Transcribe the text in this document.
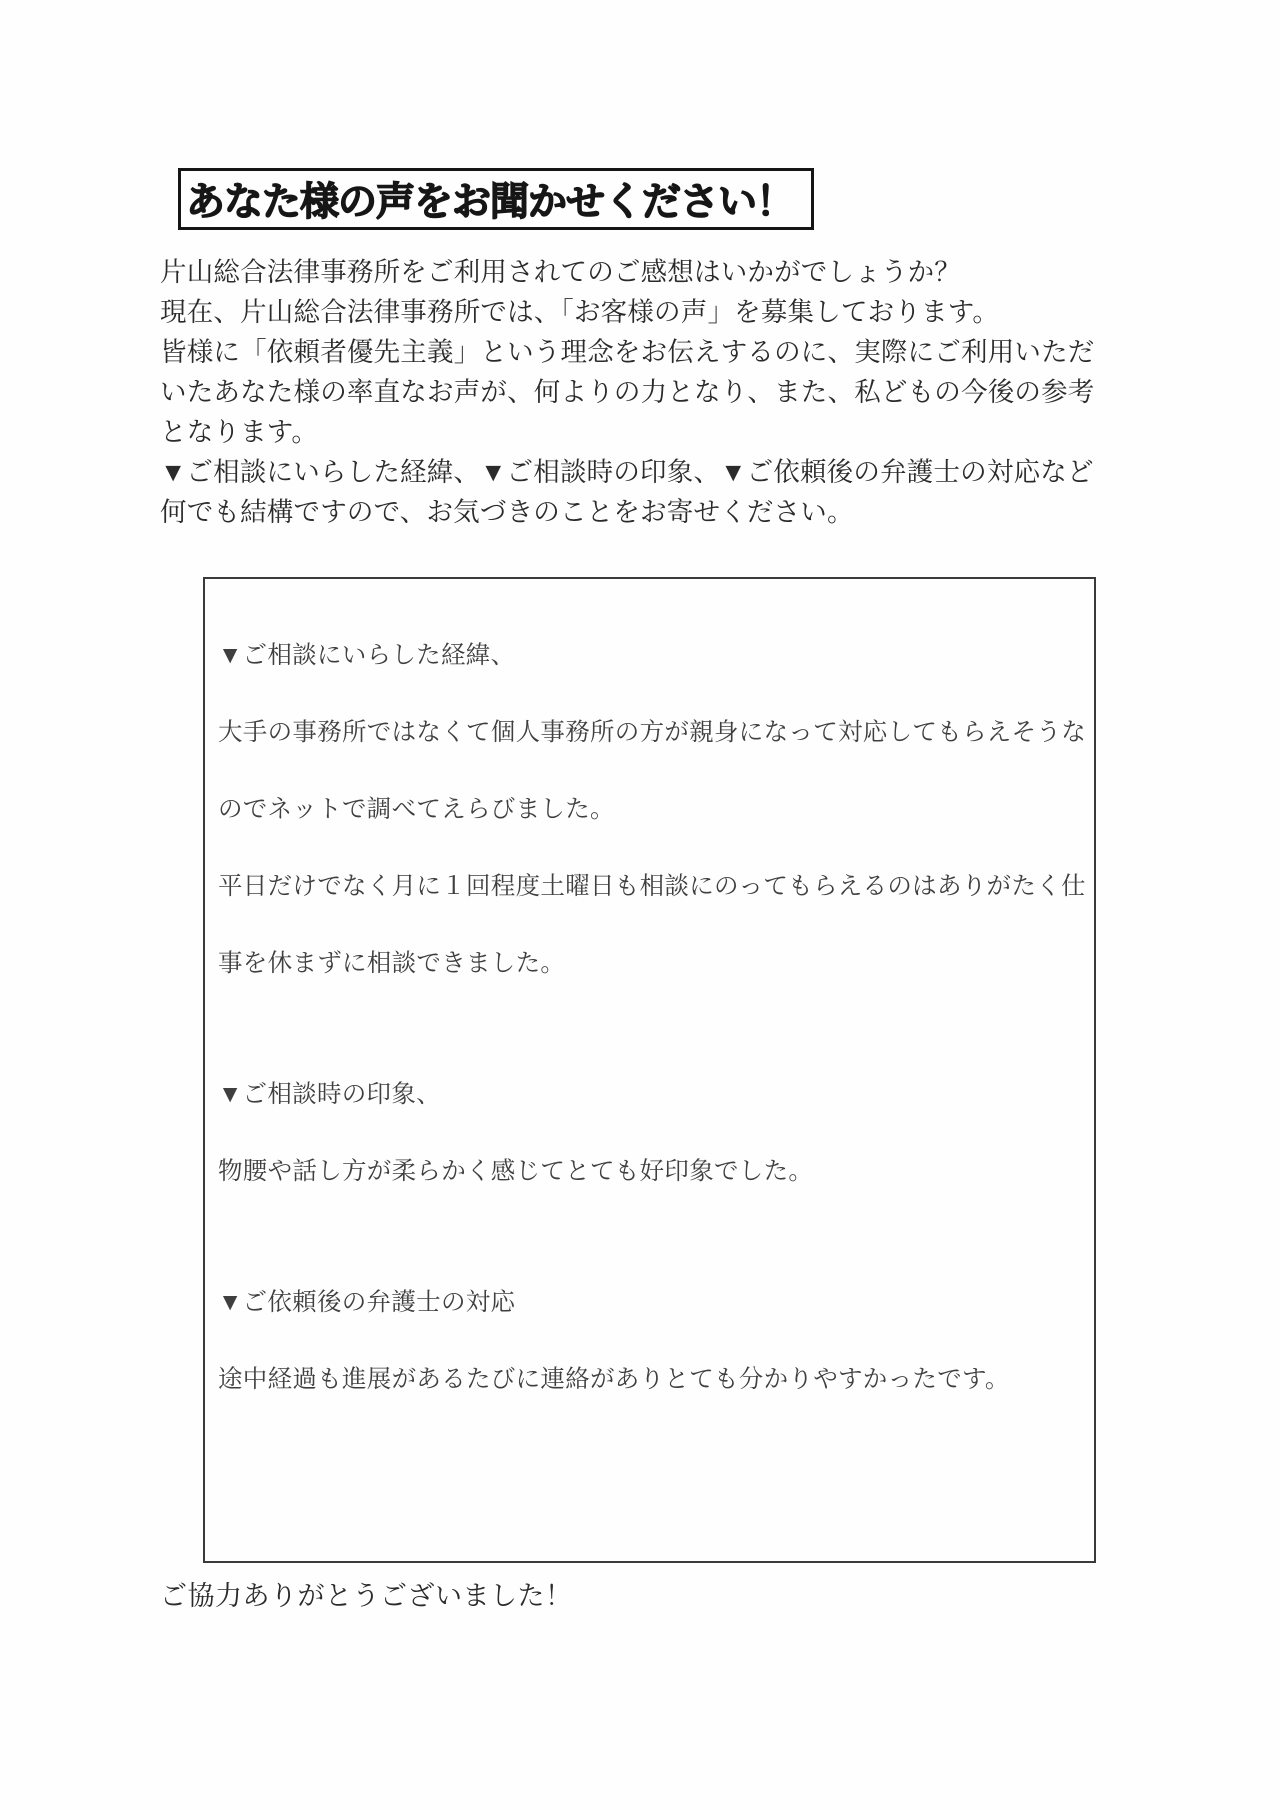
あなた様の声をお聞かせください！
片山総合法律事務所をご利用されてのご感想はいかがでしょうか？
現在、片山総合法律事務所では、「お客様の声」を募集しております。
皆様に「依頼者優先主義」という理念をお伝えするのに、実際にご利用いただ
いたあなた様の率直なお声が、何よりの力となり、また、私どもの今後の参考
となります。
▼ご相談にいらした経緯、▼ご相談時の印象、▼ご依頼後の弁護士の対応など
何でも結構ですので、お気づきのことをお寄せください。
▼ご相談にいらした経緯、
大手の事務所ではなくて個人事務所の方が親身になって対応してもらえそうな
のでネットで調べてえらびました。
平日だけでなく月に１回程度土曜日も相談にのってもらえるのはありがたく仕
事を休まずに相談できました。
▼ご相談時の印象、
物腰や話し方が柔らかく感じてとても好印象でした。
▼ご依頼後の弁護士の対応
途中経過も進展があるたびに連絡がありとても分かりやすかったです。
ご協力ありがとうございました！
